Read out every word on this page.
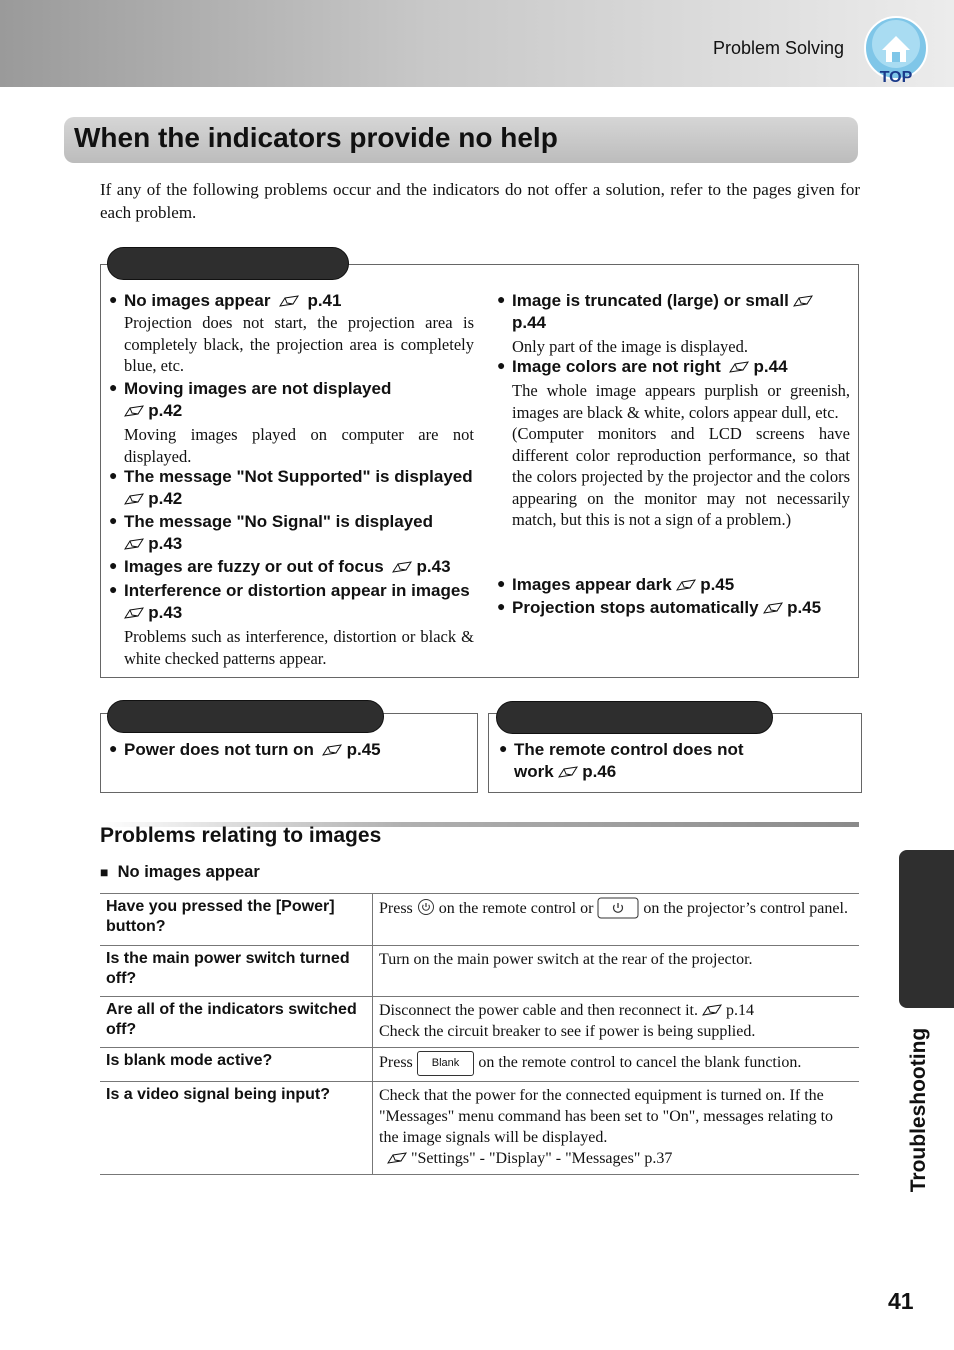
Problem Solving
TOP
When the indicators provide no help
If any of the following problems occur and the indicators do not offer a solution, refer to the pages given for each problem.
● No images appear p.41
Projection does not start, the projection area is completely black, the projection area is completely blue, etc.
● Moving images are not displayed
p.42
Moving images played on computer are not displayed.
● The message "Not Supported" is displayed  p.42
● The message "No Signal" is displayed
p.43
● Images are fuzzy or out of focus p.43
● Interference or distortion appear in images  p.43
Problems such as interference, distortion or black & white checked patterns appear.
● Image is truncated (large) or small  p.44
Only part of the image is displayed.
● Image colors are not right p.44
The whole image appears purplish or greenish, images are black & white, colors appear dull, etc.
(Computer monitors and LCD screens have different color reproduction performance, so that the colors projected by the projector and the colors appearing on the monitor may not necessarily match, but this is not a sign of a problem.)
● Images appear dark p.45
● Projection stops automatically p.45
● Power does not turn on p.45	● The remote control does not work p.46
Problems relating to images
■ No images appear
Have you pressed the [Power] button?	Press on the remote control or on the projector’s control panel.
Is the main power switch turned off?	Turn on the main power switch at the rear of the projector.
Are all of the indicators switched off?	Disconnect the power cable and then reconnect it. p.14
Check the circuit breaker to see if power is being supplied.
Is blank mode active?	Press Blank on the remote control to cancel the blank function.
Is a video signal being input?	Check that the power for the connected equipment is turned on. If the "Messages" menu command has been set to "On", messages relating to the image signals will be displayed.
"Settings" - "Display" - "Messages" p.37	Troubleshooting
41
